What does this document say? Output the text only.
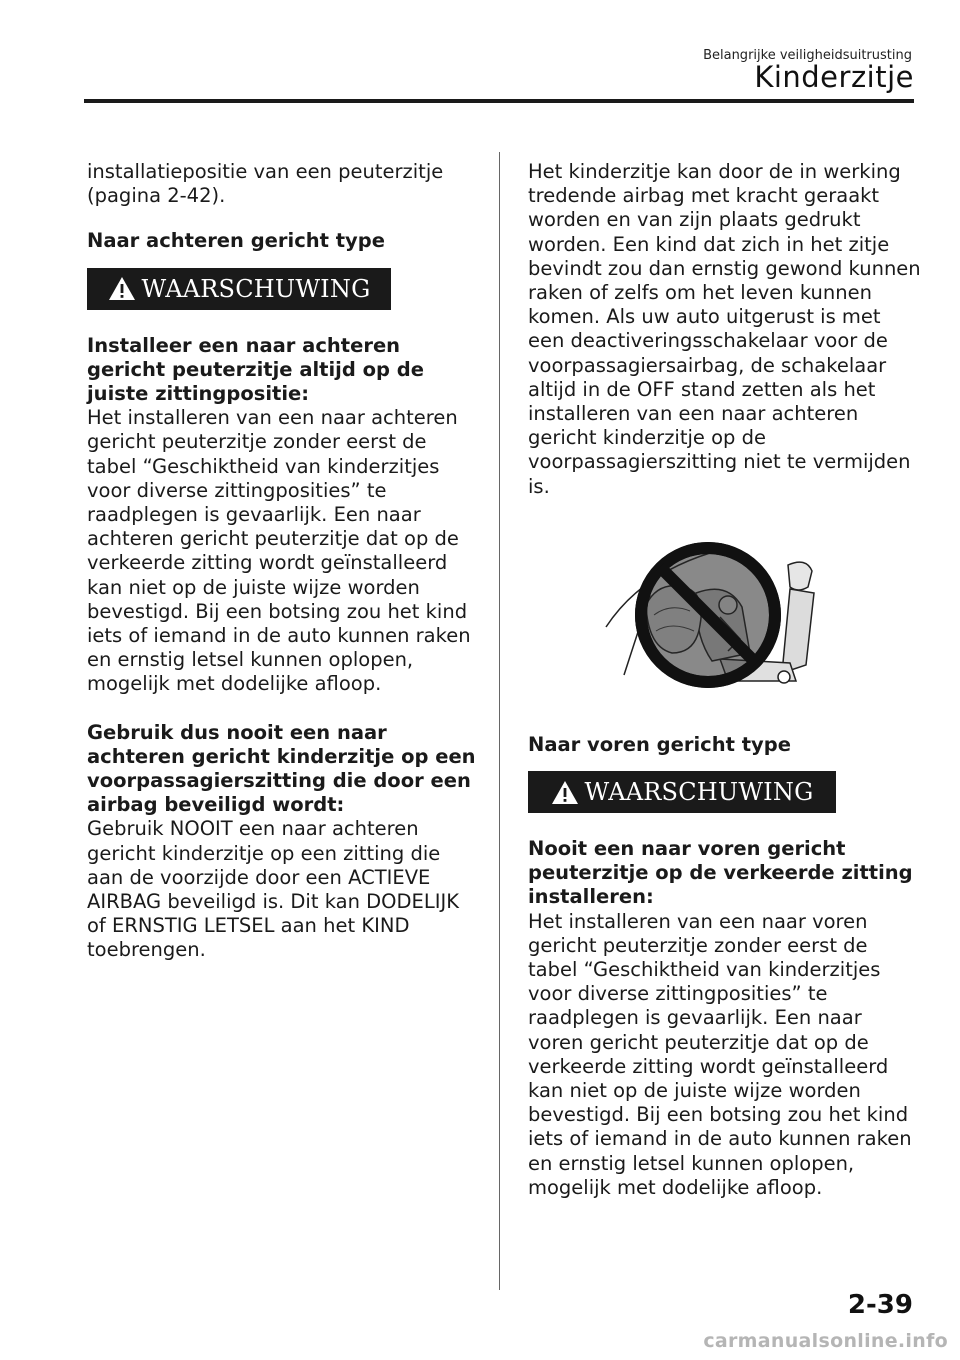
Belangrijke veiligheidsuitrusting
Kinderzitje

installatiepositie van een peuterzitje (pagina 2-42).

Naar achteren gericht type

WAARSCHUWING

Installeer een naar achteren gericht peuterzitje altijd op de juiste zittingpositie:

Het installeren van een naar achteren gericht peuterzitje zonder eerst de tabel “Geschiktheid van kinderzitjes voor diverse zittingposities” te raadplegen is gevaarlijk. Een naar achteren gericht peuterzitje dat op de verkeerde zitting wordt geïnstalleerd kan niet op de juiste wijze worden bevestigd. Bij een botsing zou het kind iets of iemand in de auto kunnen raken en ernstig letsel kunnen oplopen, mogelijk met dodelijke afloop.

Gebruik dus nooit een naar achteren gericht kinderzitje op een voorpassagierszitting die door een airbag beveiligd wordt:

Gebruik NOOIT een naar achteren gericht kinderzitje op een zitting die aan de voorzijde door een ACTIEVE AIRBAG beveiligd is. Dit kan DODELIJK of ERNSTIG LETSEL aan het KIND toebrengen.

Het kinderzitje kan door de in werking tredende airbag met kracht geraakt worden en van zijn plaats gedrukt worden. Een kind dat zich in het zitje bevindt zou dan ernstig gewond kunnen raken of zelfs om het leven kunnen komen. Als uw auto uitgerust is met een deactiveringsschakelaar voor de voorpassagiersairbag, de schakelaar altijd in de OFF stand zetten als het installeren van een naar achteren gericht kinderzitje op de voorpassagierszitting niet te vermijden is.

Naar voren gericht type

WAARSCHUWING

Nooit een naar voren gericht peuterzitje op de verkeerde zitting installeren:

Het installeren van een naar voren gericht peuterzitje zonder eerst de tabel “Geschiktheid van kinderzitjes voor diverse zittingposities” te raadplegen is gevaarlijk. Een naar voren gericht peuterzitje dat op de verkeerde zitting wordt geïnstalleerd kan niet op de juiste wijze worden bevestigd. Bij een botsing zou het kind iets of iemand in de auto kunnen raken en ernstig letsel kunnen oplopen, mogelijk met dodelijke afloop.

2-39
carmanualsonline.info
